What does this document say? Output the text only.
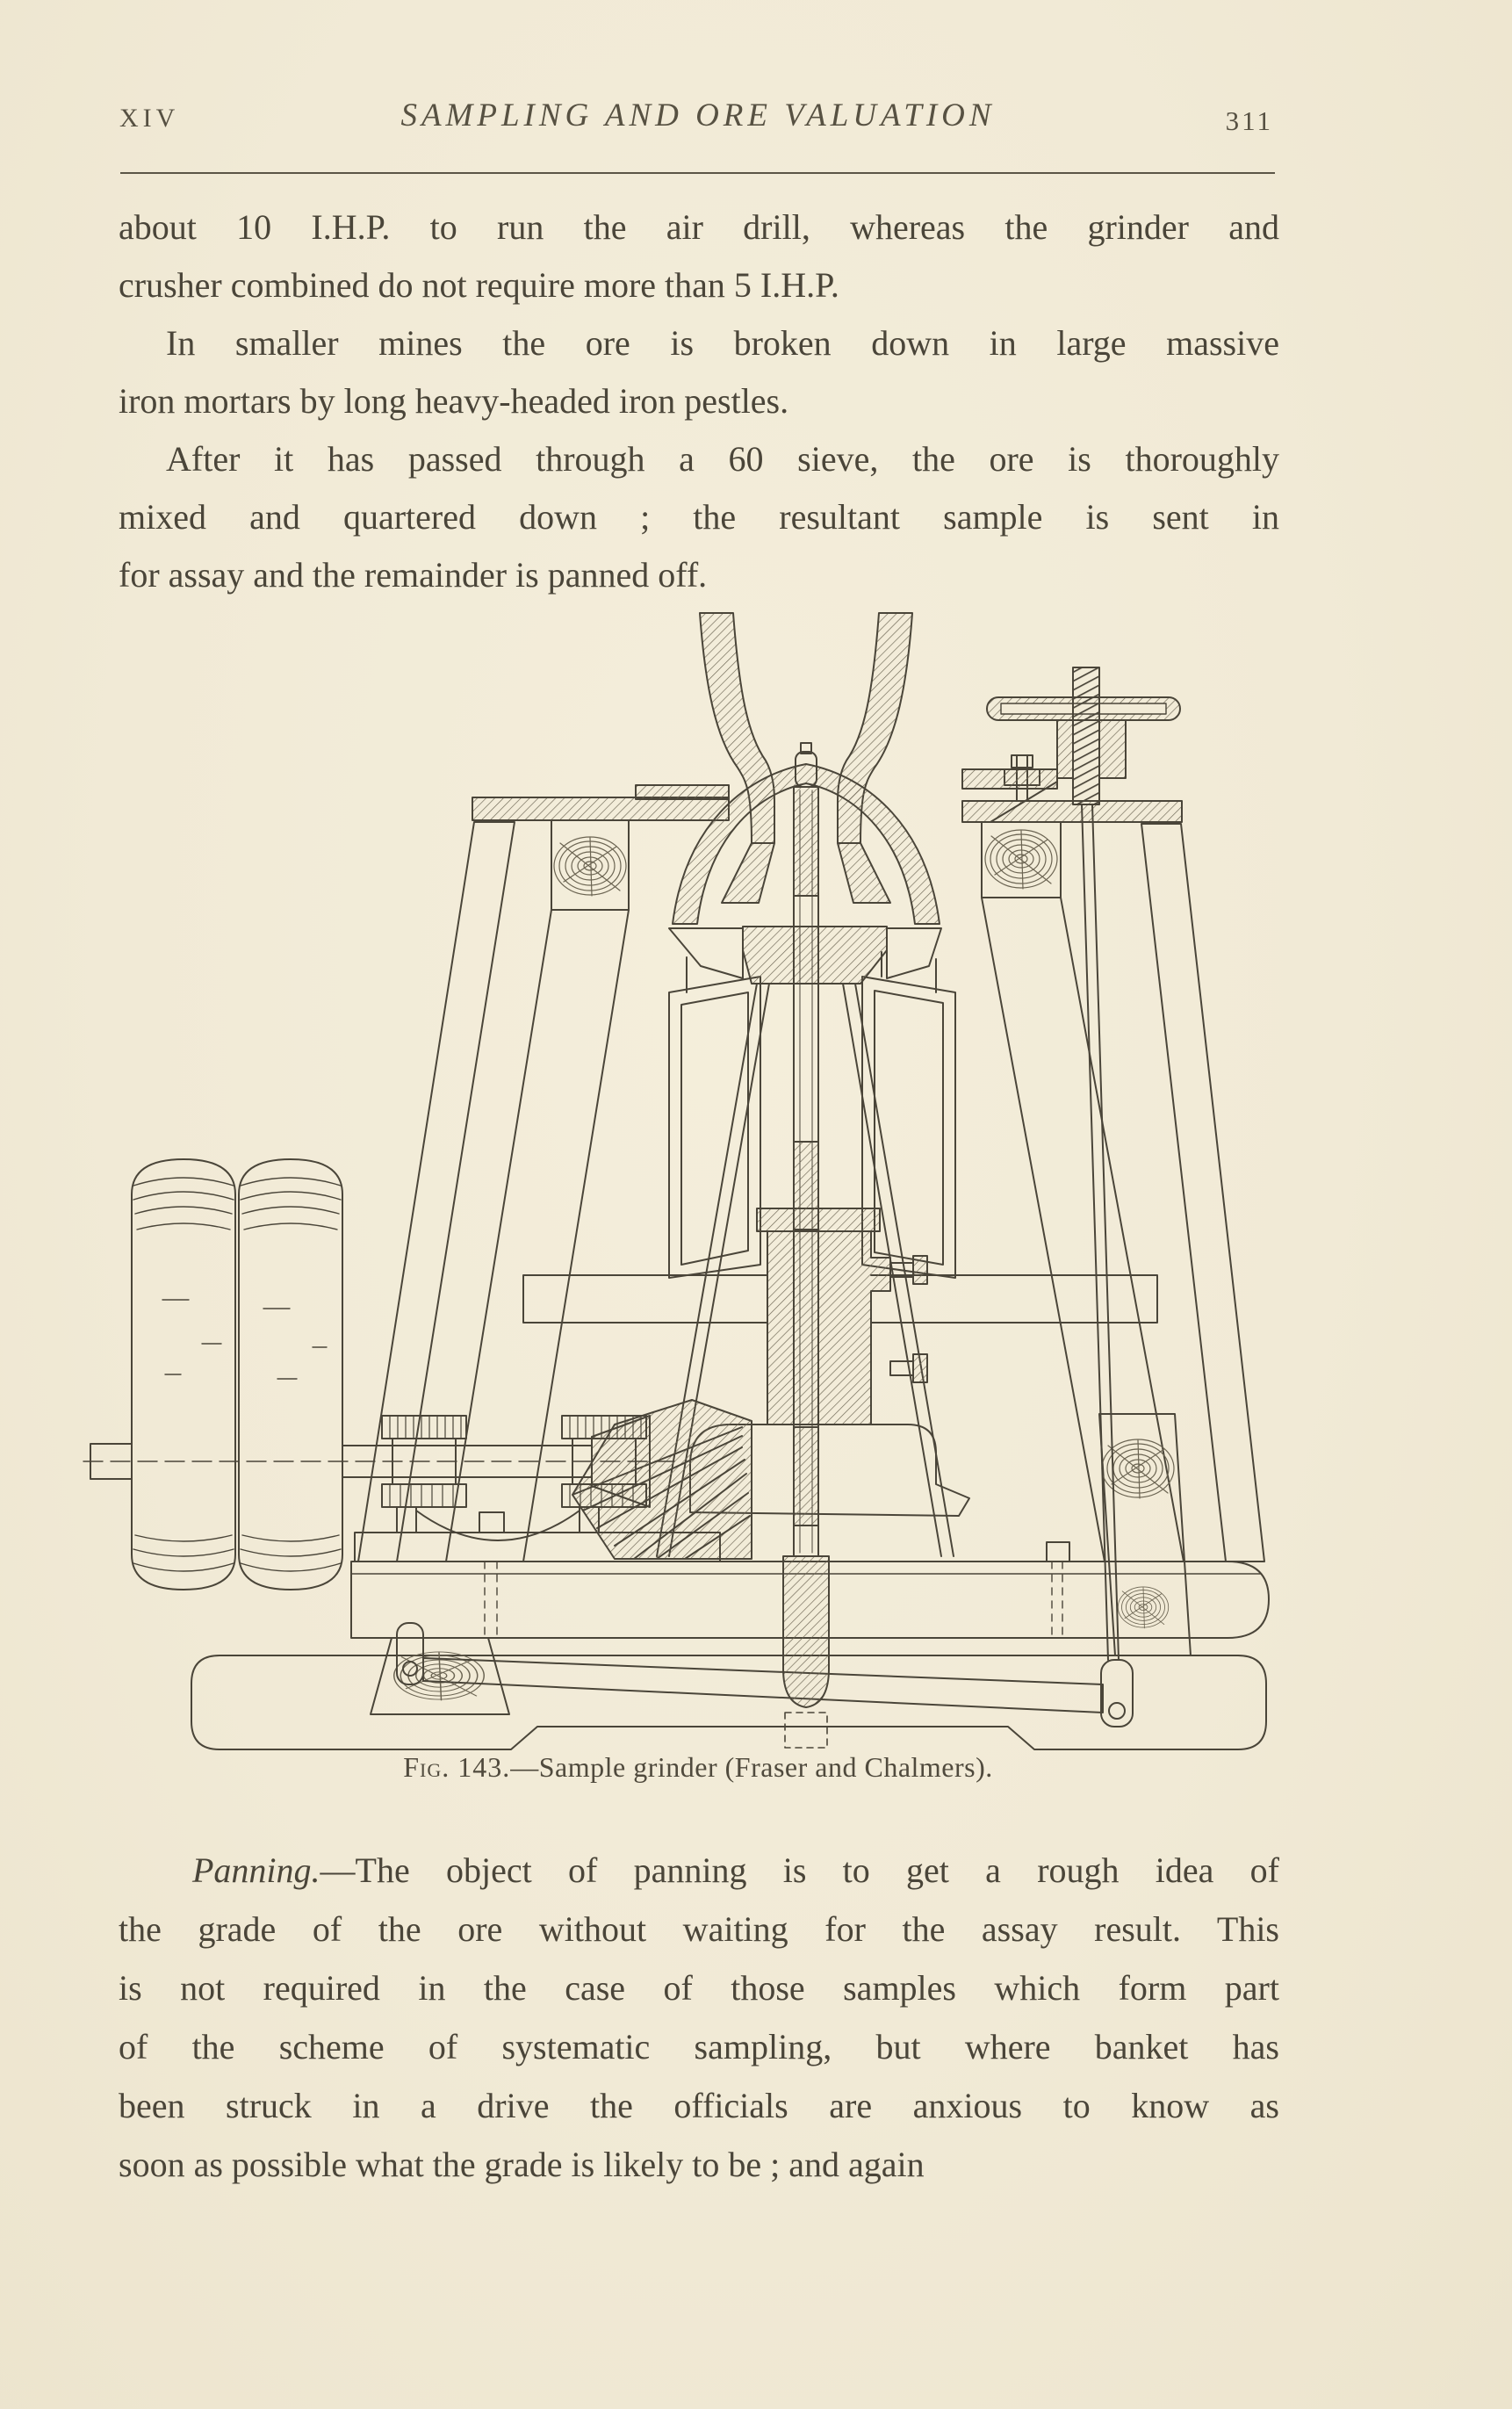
XIV	SAMPLING AND ORE VALUATION	311
about 10 I.H.P. to run the air drill, whereas the grinder and
crusher combined do not require more than 5 I.H.P.
In smaller mines the ore is broken down in large massive
iron mortars by long heavy-headed iron pestles.
After it has passed through a 60 sieve, the ore is thoroughly
mixed and quartered down ; the resultant sample is sent in
for assay and the remainder is panned off.
Fig. 143.—Sample grinder (Fraser and Chalmers).
Panning.—The object of panning is to get a rough idea of
the grade of the ore without waiting for the assay result. This
is not required in the case of those samples which form part
of the scheme of systematic sampling, but where banket has
been struck in a drive the officials are anxious to know as
soon as possible what the grade is likely to be ; and again
